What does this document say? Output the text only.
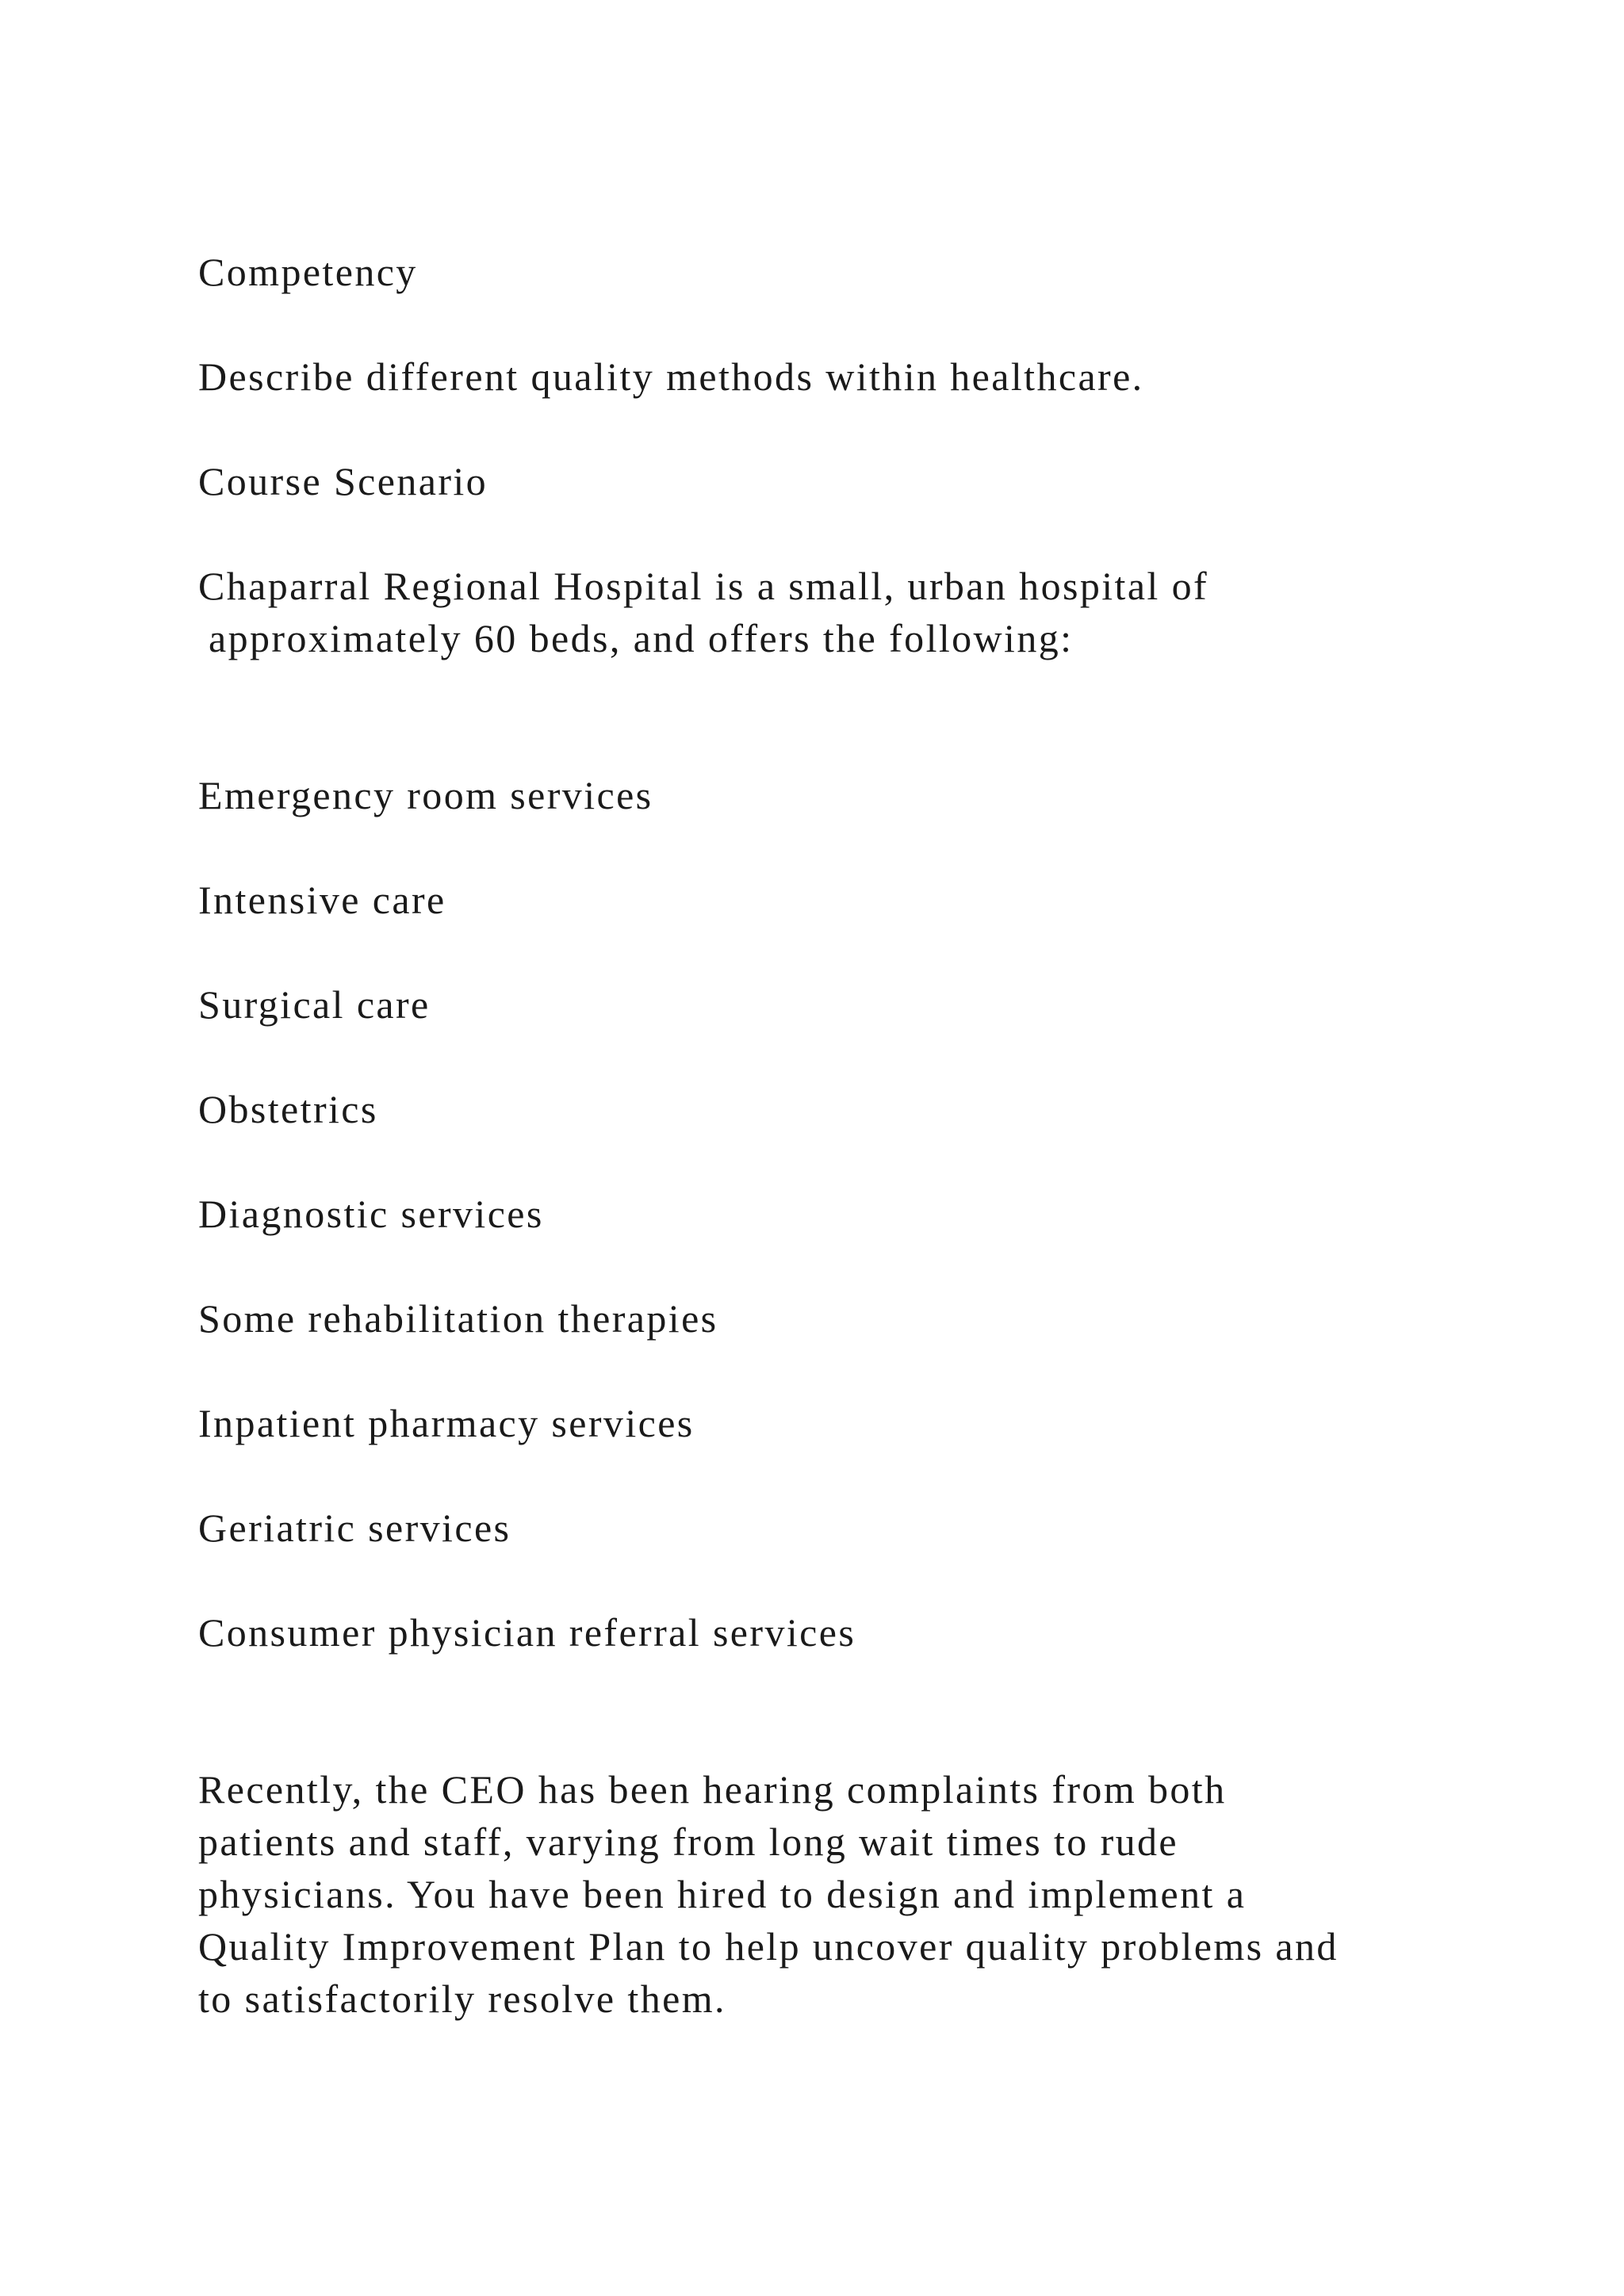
Competency

Describe different quality methods within healthcare.

Course Scenario

Chaparral Regional Hospital is a small, urban hospital of

approximately 60 beds, and offers the following:

Emergency room services

Intensive care

Surgical care

Obstetrics

Diagnostic services

Some rehabilitation therapies

Inpatient pharmacy services

Geriatric services

Consumer physician referral services

Recently, the CEO has been hearing complaints from both

patients and staff, varying from long wait times to rude

physicians. You have been hired to design and implement a

Quality Improvement Plan to help uncover quality problems and

to satisfactorily resolve them.
